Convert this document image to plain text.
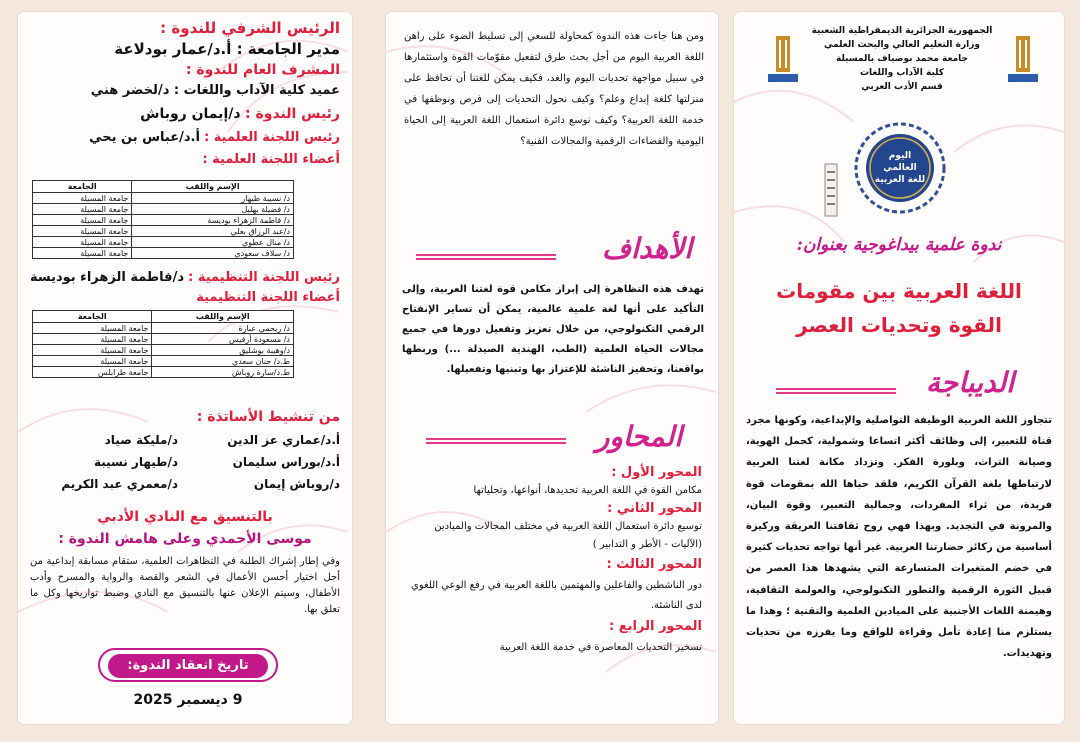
الرئيس الشرفي للندوة :
مدير الجامعة : أ.د/عمار بودلاعة
المشرف العام للندوة :
عميد كلية الآداب واللغات : د/لخضر هني
رئيس الندوة : د/إيمان روباش
رئيس اللجنة العلمية : أ.د/عباس بن يحي
أعضاء اللجنة العلمية :
الإسم واللقب	الجامعة
د/ نسيبة طيهار	جامعة المسيلة
د/ فضيلة بهليل	جامعة المسيلة
د/ فاطمة الزهراء بوديسة	جامعة المسيلة
د/عبد الرزاق بعلي	جامعة المسيلة
د/ منال عطوي	جامعة المسيلة
د/ سلاف سعودي	جامعة المسيلة
رئيس اللجنة التنظيمية : د/فاطمة الزهراء بوديسة
أعضاء اللجنة التنظيمية
الإسم واللقب	الجامعة
د/ ريحمي عبارة	جامعة المسيلة
د/ مسعودة أرفيس	جامعة المسيلة
د/وهيبة بوشليق	جامعة المسيلة
ط.د/ حنان سعدي	جامعة المسيلة
ط.د/سارة روباش	جامعة طرابلس
من تنشيط الأساتذة :
أ.د/عماري عز الدين
د/مليكة صياد
أ.د/بوراس سليمان
د/طيهار نسيبة
د/روباش إيمان
د/معمري عبد الكريم
بالتنسيق مع النادي الأدبي
موسى الأحمدي وعلى هامش الندوة :
وفي إطار إشراك الطلبة في التظاهرات العلمية، ستقام مسابقة إبداعية من أجل اختيار أحسن الأعمال في الشعر والقصة والرواية والمسرح وأدب الأطفال، وسيتم الإعلان عنها بالتنسيق مع النادي وضبط تواريخها وكل ما تعلق بها.
تاريخ انعقاد الندوة:
9 ديسمبر 2025
ومن هنا جاءت هذه الندوة كمحاولة للسعي إلى تسليط الضوء على راهن اللغة العربية اليوم من أجل بحث طرق لتفعيل مقوّمات القوة واستثمارها في سبيل مواجهة تحديات اليوم والغد، فكيف يمكن للغتنا أن تحافظ على منزلتها كلغة إبداع وعلم؟ وكيف نحول التحديات إلى فرص ونوظفها في خدمة اللغة العربية؟ وكيف نوسع دائرة استعمال اللغة العربية إلى الحياة اليومية والفضاءات الرقمية والمجالات الفنية؟
الأهداف
تهدف هذه التظاهرة إلى إبراز مكامن قوة لغتنا العربية، وإلى التأكيد على أنها لغة علمية عالمية، يمكن أن تساير الإنفتاح الرقمي التكنولوجي، من خلال تعزيز وتفعيل دورها في جميع مجالات الحياة العلمية (الطب، الهندية الصيدلة ...) وربطها بواقعنا، وتحفيز الناشئة للإعتزاز بها وتبنيها وتفعيلها.
المحاور
المحور الأول :
مكامن القوة في اللغة العربية تحديدها، أنواعها، وتجلياتها
المحور الثاني :
توسيع دائرة استعمال اللغة العربية في مختلف المجالات والميادين (الآليات - الأطر و التدابير )
المحور الثالث :
دور الناشطين والفاعلين والمهتمين باللغة العربية في رفع الوعي اللغوي لدى الناشئة.
المحور الرابع :
تسخير التحديات المعاصرة في خدمة اللغة العربية
الجمهورية الجزائرية الديمقراطية الشعبية
وزارة التعليم العالي والبحث العلمي
جامعة محمد بوضياف بالمسيلة
كلية الآداب واللغات
قسم الأدب العربي
اليوم العالمي للغة العربية
ندوة علمية بيداغوجية بعنوان:
اللغة العربية بين مقومات
القوة وتحديات العصر
الديباجة
تتجاوز اللغة العربية الوظيفة التواصلية والإبداعية، وكونها مجرد قناة للتعبير، إلى وظائف أكثر اتساعا وشمولية، كحمل الهوية، وصيانة التراث، وبلورة الفكر. وتزداد مكانة لغتنا العربية لارتباطها بلغة القرآن الكريم، فلقد حباها الله بمقومات قوة فريدة، من ثراء المفردات، وجمالية التعبير، وقوة البيان، والمرونة في التجديد. وبهذا فهي روح ثقافتنا العريقة وركيزة أساسية من ركائز حضارتنا العربية. غير أنها تواجه تحديات كثيرة في خضم المتغيرات المتسارعة التي يشهدها هذا العصر من قبيل الثورة الرقمية والتطور التكنولوجي، والعولمة الثقافية، وهيمنة اللغات الأجنبية على الميادين العلمية والتقنية ؛ وهذا ما يستلزم منا إعادة تأمل وقراءة للواقع وما يفرزه من تحديات وتهديدات.
